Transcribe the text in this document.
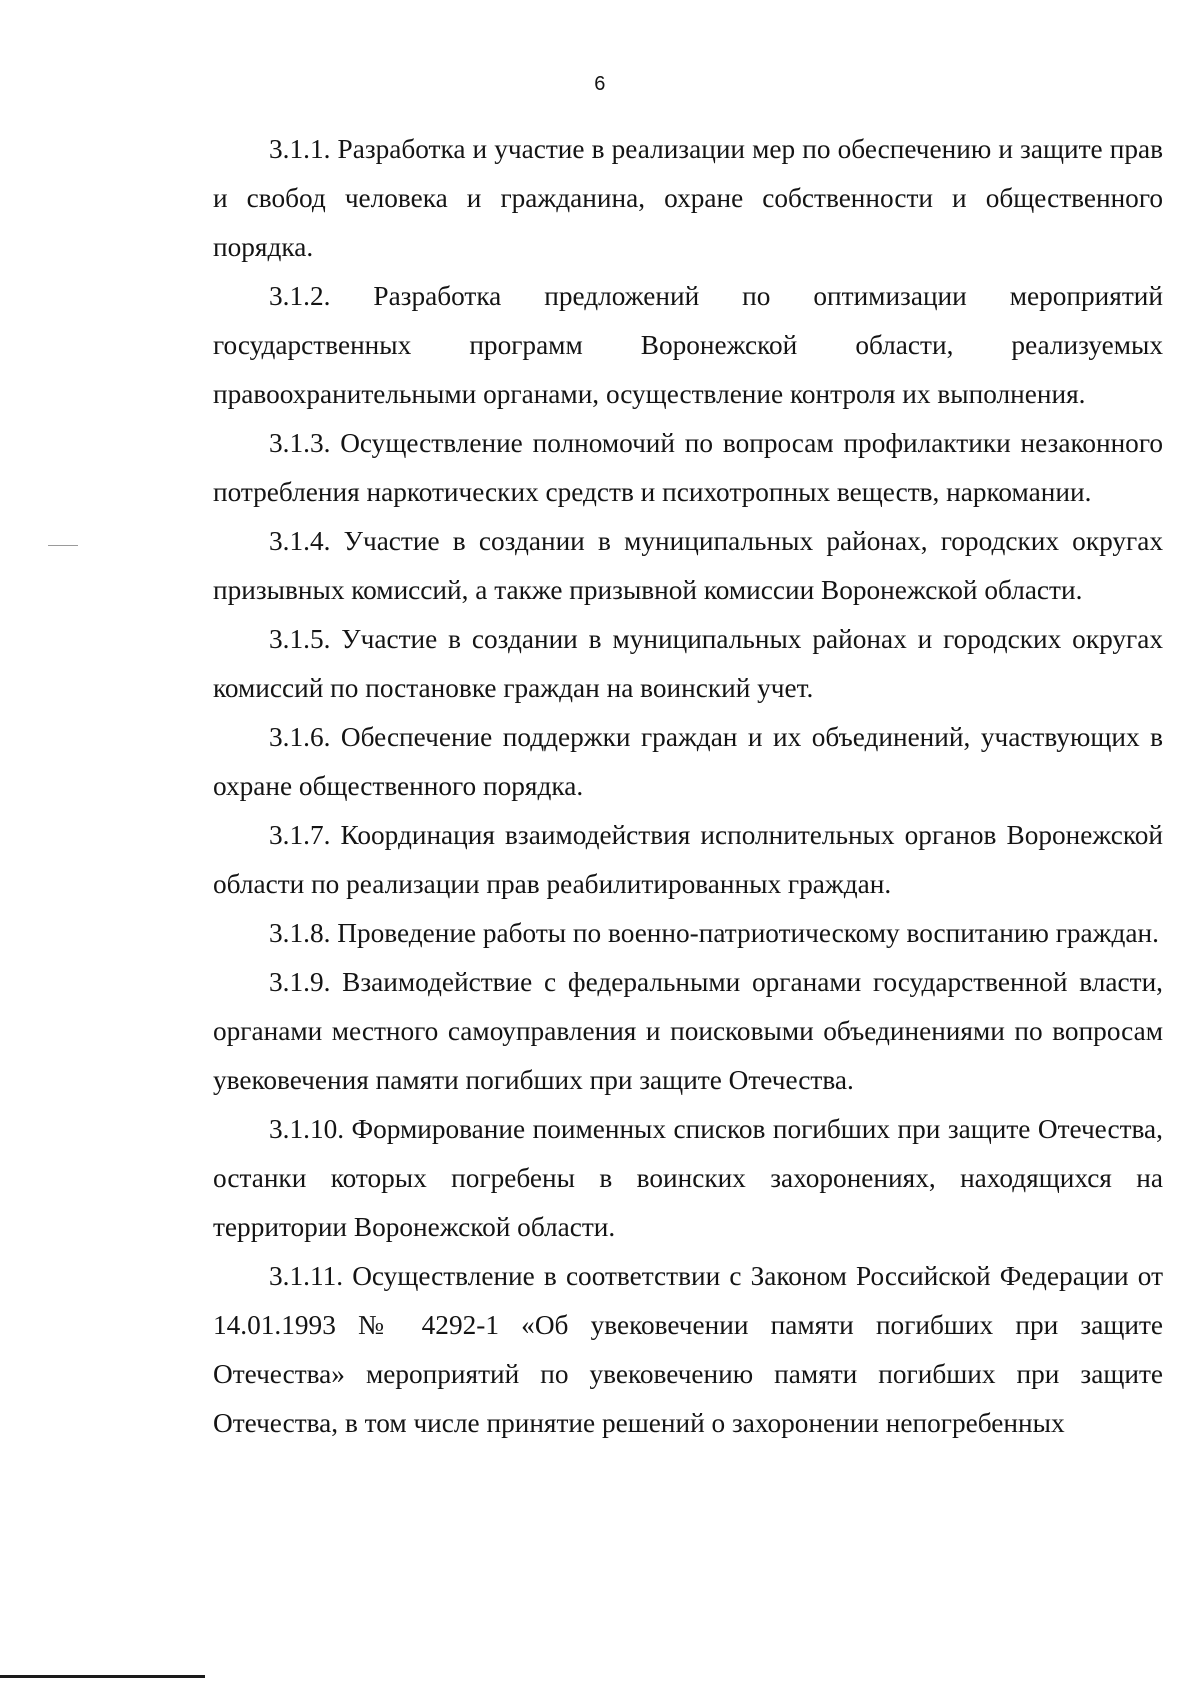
6

3.1.1. Разработка и участие в реализации мер по обеспечению и защите прав и свобод человека и гражданина, охране собственности и общественного порядка.

3.1.2. Разработка предложений по оптимизации мероприятий государственных программ Воронежской области, реализуемых правоохранительными органами, осуществление контроля их выполнения.

3.1.3. Осуществление полномочий по вопросам профилактики незаконного потребления наркотических средств и психотропных веществ, наркомании.

3.1.4. Участие в создании в муниципальных районах, городских округах призывных комиссий, а также призывной комиссии Воронежской области.

3.1.5. Участие в создании в муниципальных районах и городских округах комиссий по постановке граждан на воинский учет.

3.1.6. Обеспечение поддержки граждан и их объединений, участвующих в охране общественного порядка.

3.1.7. Координация взаимодействия исполнительных органов Воронежской области по реализации прав реабилитированных граждан.

3.1.8. Проведение работы по военно-патриотическому воспитанию граждан.

3.1.9. Взаимодействие с федеральными органами государственной власти, органами местного самоуправления и поисковыми объединениями по вопросам увековечения памяти погибших при защите Отечества.

3.1.10. Формирование поименных списков погибших при защите Отечества, останки которых погребены в воинских захоронениях, находящихся на территории Воронежской области.

3.1.11. Осуществление в соответствии с Законом Российской Федерации от 14.01.1993 № 4292-1 «Об увековечении памяти погибших при защите Отечества» мероприятий по увековечению памяти погибших при защите Отечества, в том числе принятие решений о захоронении непогребенных
